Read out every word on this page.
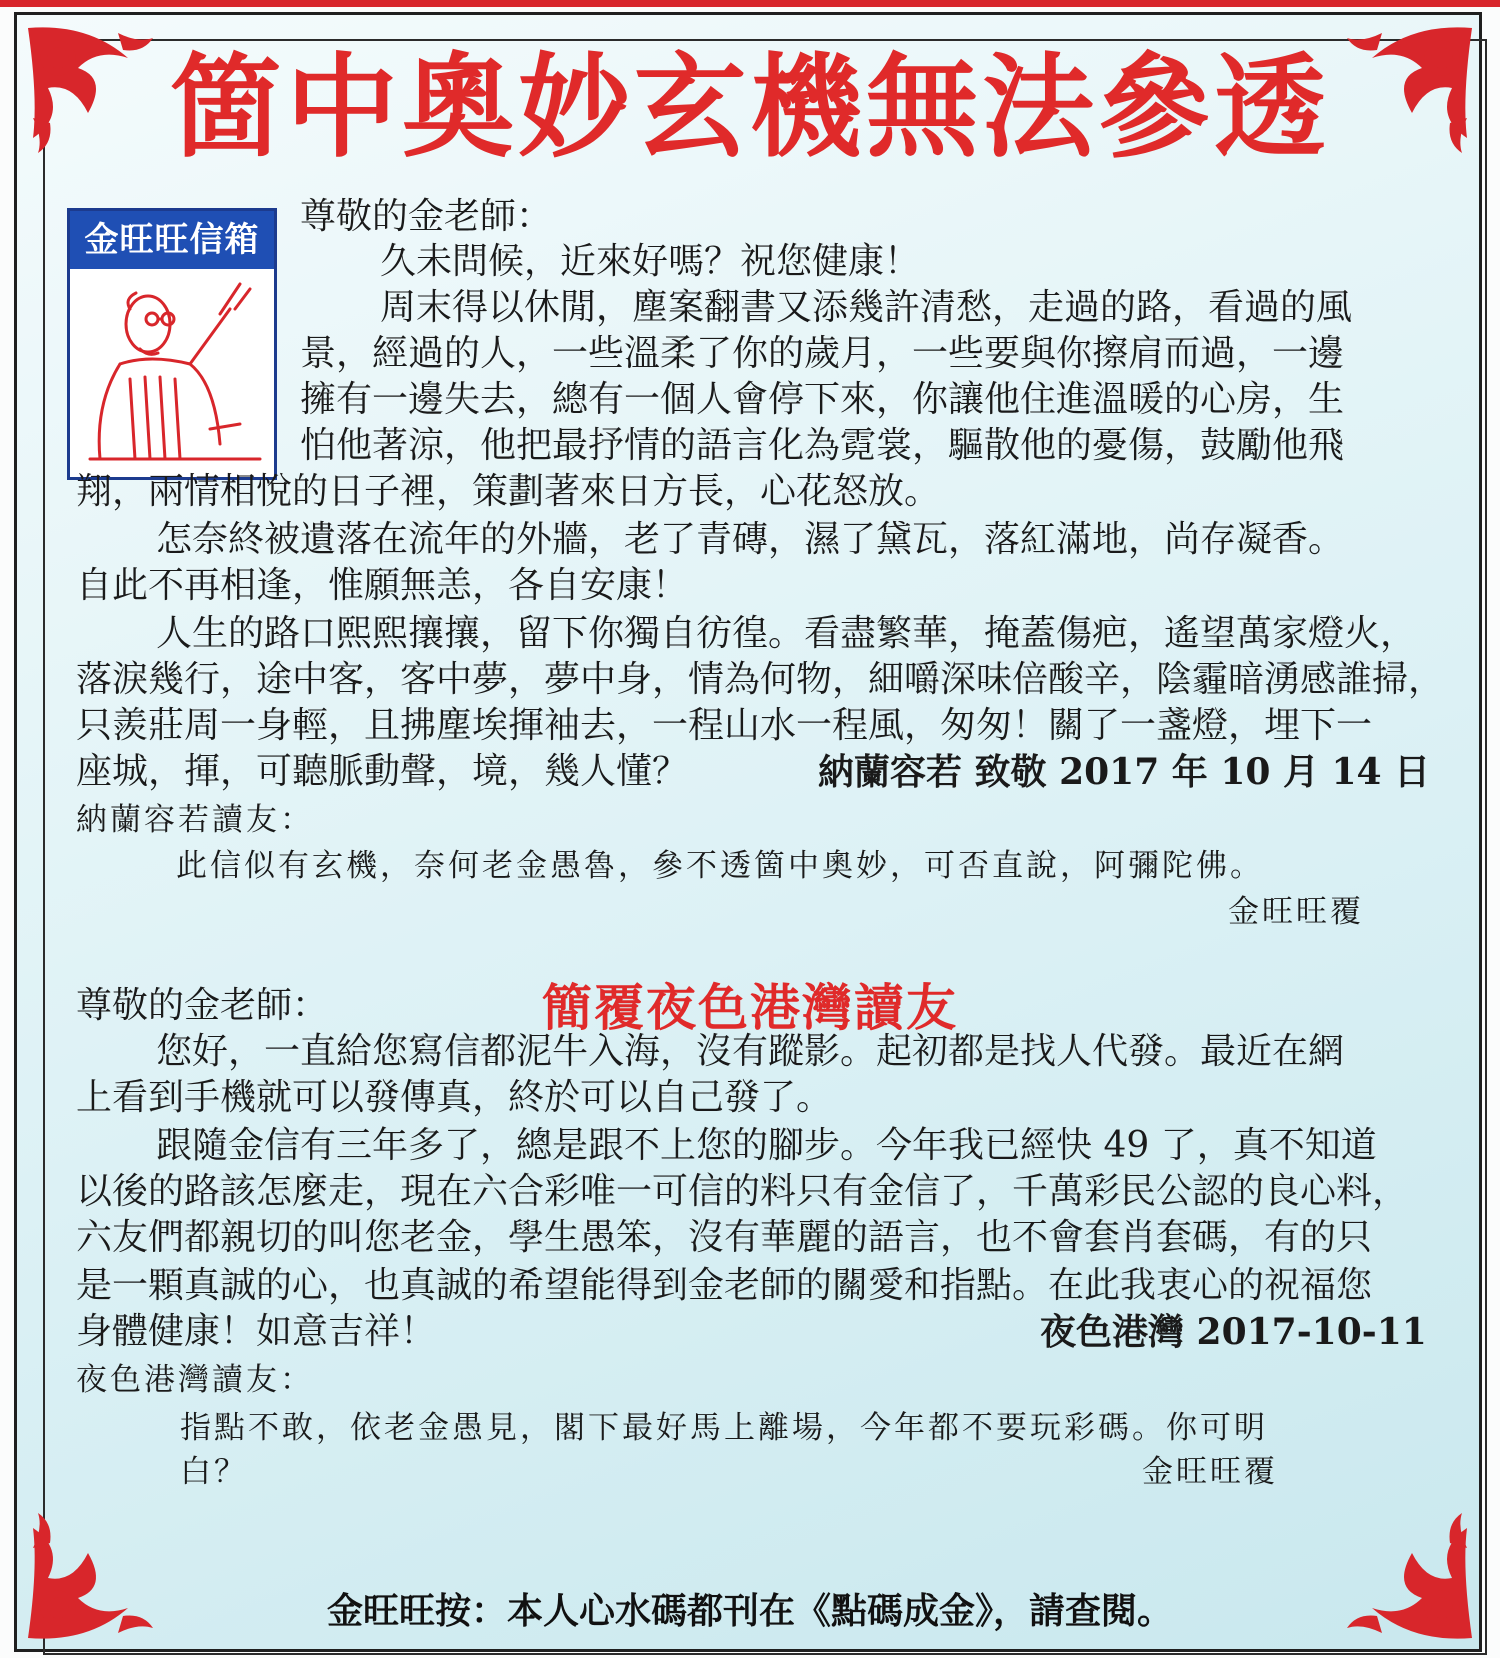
箇中奧妙玄機無法參透
金旺旺信箱
尊敬的金老師：
久未問候，近來好嗎？祝您健康！
周末得以休閒，塵案翻書又添幾許清愁，走過的路，看過的風
景，經過的人，一些溫柔了你的歲月，一些要與你擦肩而過，一邊
擁有一邊失去，總有一個人會停下來，你讓他住進溫暖的心房，生
怕他著涼，他把最抒情的語言化為霓裳，驅散他的憂傷，鼓勵他飛
翔，兩情相悅的日子裡，策劃著來日方長，心花怒放。
怎奈終被遺落在流年的外牆，老了青磚，濕了黛瓦，落紅滿地，尚存凝香。
自此不再相逢，惟願無恙，各自安康！
人生的路口熙熙攘攘，留下你獨自彷徨。看盡繁華，掩蓋傷疤，遙望萬家燈火，
落淚幾行，途中客，客中夢，夢中身，情為何物，細嚼深味倍酸辛，陰霾暗湧感誰掃，
只羨莊周一身輕，且拂塵埃揮袖去，一程山水一程風，匆匆！關了一盞燈，埋下一
座城，揮，可聽脈動聲，境，幾人懂？	納蘭容若 致敬 2017 年 10 月 14 日
納蘭容若讀友：
此信似有玄機，奈何老金愚魯，參不透箇中奧妙，可否直說，阿彌陀佛。
金旺旺覆
簡覆夜色港灣讀友
尊敬的金老師：
您好，一直給您寫信都泥牛入海，沒有蹤影。起初都是找人代發。最近在網
上看到手機就可以發傳真，終於可以自己發了。
跟隨金信有三年多了，總是跟不上您的腳步。今年我已經快 49 了，真不知道
以後的路該怎麼走，現在六合彩唯一可信的料只有金信了，千萬彩民公認的良心料，
六友們都親切的叫您老金，學生愚笨，沒有華麗的語言，也不會套肖套碼，有的只
是一顆真誠的心，也真誠的希望能得到金老師的關愛和指點。在此我衷心的祝福您
身體健康！如意吉祥！	夜色港灣 2017-10-11
夜色港灣讀友：
指點不敢，依老金愚見，閣下最好馬上離場，今年都不要玩彩碼。你可明
白？	金旺旺覆
金旺旺按：本人心水碼都刊在《點碼成金》，請查閱。
